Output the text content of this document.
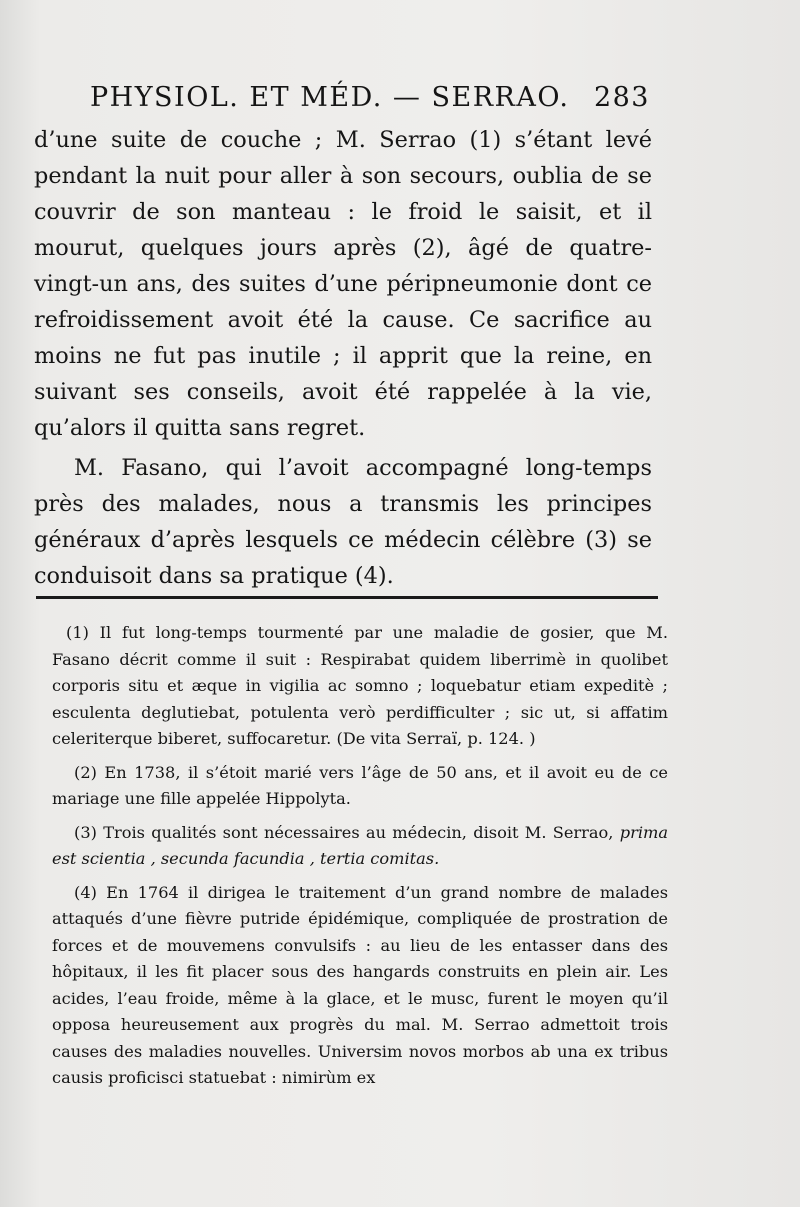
PHYSIOL. ET MÉD. — SERRAO. 283

d’une suite de couche ; M. Serrao (1) s’étant levé pendant la nuit pour aller à son secours, oublia de se couvrir de son manteau : le froid le saisit, et il mourut, quelques jours après (2), âgé de quatre-vingt-un ans, des suites d’une péripneumonie dont ce refroidissement avoit été la cause. Ce sacrifice au moins ne fut pas inutile ; il apprit que la reine, en suivant ses conseils, avoit été rappelée à la vie, qu’alors il quitta sans regret.

M. Fasano, qui l’avoit accompagné long-temps près des malades, nous a transmis les principes généraux d’après lesquels ce médecin célèbre (3) se conduisoit dans sa pratique (4).

(1) Il fut long-temps tourmenté par une maladie de gosier, que M. Fasano décrit comme il suit : Respirabat quidem liberrimè in quolibet corporis situ et æque in vigilia ac somno ; loquebatur etiam expeditè ; esculenta deglutiebat, potulenta verò perdifficulter ; sic ut, si affatim celeriterque biberet, suffocaretur. (De vita Serraï, p. 124. )

(2) En 1738, il s’étoit marié vers l’âge de 50 ans, et il avoit eu de ce mariage une fille appelée Hippolyta.

(3) Trois qualités sont nécessaires au médecin, disoit M. Serrao, prima est scientia , secunda facundia , tertia comitas.

(4) En 1764 il dirigea le traitement d’un grand nombre de malades attaqués d’une fièvre putride épidémique, compliquée de prostration de forces et de mouvemens convulsifs : au lieu de les entasser dans des hôpitaux, il les fit placer sous des hangards construits en plein air. Les acides, l’eau froide, même à la glace, et le musc, furent le moyen qu’il opposa heureusement aux progrès du mal. M. Serrao admettoit trois causes des maladies nouvelles. Universim novos morbos ab una ex tribus causis proficisci statuebat : nimirùm ex
